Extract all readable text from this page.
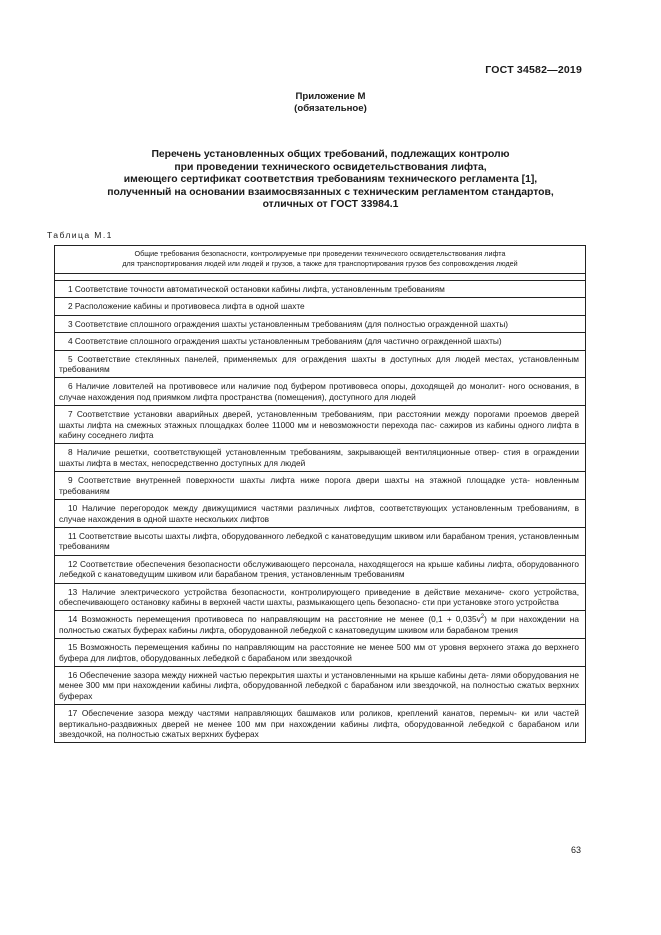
ГОСТ 34582—2019
Приложение М
(обязательное)
Перечень установленных общих требований, подлежащих контролю
при проведении технического освидетельствования лифта,
имеющего сертификат соответствия требованиям технического регламента [1],
полученный на основании взаимосвязанных с техническим регламентом стандартов,
отличных от ГОСТ 33984.1
Таблица М.1
Общие требования безопасности, контролируемые при проведении технического освидетельствования лифта
для транспортирования людей или людей и грузов, а также для транспортирования грузов без сопровождения людей

1 Соответствие точности автоматической остановки кабины лифта, установленным требованиям
2 Расположение кабины и противовеса лифта в одной шахте
3 Соответствие сплошного ограждения шахты установленным требованиям (для полностью огражденной шахты)
4 Соответствие сплошного ограждения шахты установленным требованиям (для частично огражденной шахты)
5 Соответствие стеклянных панелей, применяемых для ограждения шахты в доступных для людей местах, установленным требованиям
6 Наличие ловителей на противовесе или наличие под буфером противовеса опоры, доходящей до монолит- ного основания, в случае нахождения под приямком лифта пространства (помещения), доступного для людей
7 Соответствие установки аварийных дверей, установленным требованиям, при расстоянии между порогами проемов дверей шахты лифта на смежных этажных площадках более 11000 мм и невозможности перехода пас- сажиров из кабины одного лифта в кабину соседнего лифта
8 Наличие решетки, соответствующей установленным требованиям, закрывающей вентиляционные отвер- стия в ограждении шахты лифта в местах, непосредственно доступных для людей
9 Соответствие внутренней поверхности шахты лифта ниже порога двери шахты на этажной площадке уста- новленным требованиям
10 Наличие перегородок между движущимися частями различных лифтов, соответствующих установленным требованиям, в случае нахождения в одной шахте нескольких лифтов
11 Соответствие высоты шахты лифта, оборудованного лебедкой с канатоведущим шкивом или барабаном трения, установленным требованиям
12 Соответствие обеспечения безопасности обслуживающего персонала, находящегося на крыше кабины лифта, оборудованного лебедкой с канатоведущим шкивом или барабаном трения, установленным требованиям
13 Наличие электрического устройства безопасности, контролирующего приведение в действие механиче- ского устройства, обеспечивающего остановку кабины в верхней части шахты, размыкающего цепь безопасно- сти при установке этого устройства
14 Возможность перемещения противовеса по направляющим на расстояние не менее $(0,1 + 0,035v^2)$ м при нахождении на полностью сжатых буферах кабины лифта, оборудованной лебедкой с канатоведущим шкивом или барабаном трения
15 Возможность перемещения кабины по направляющим на расстояние не менее 500 мм от уровня верхнего этажа до верхнего буфера для лифтов, оборудованных лебедкой с барабаном или звездочкой
16 Обеспечение зазора между нижней частью перекрытия шахты и установленными на крыше кабины дета- лями оборудования не менее 300 мм при нахождении кабины лифта, оборудованной лебедкой с барабаном или звездочкой, на полностью сжатых верхних буферах
17 Обеспечение зазора между частями направляющих башмаков или роликов, креплений канатов, перемыч- ки или частей вертикально-раздвижных дверей не менее 100 мм при нахождении кабины лифта, оборудованной лебедкой с барабаном или звездочкой, на полностью сжатых верхних буферах
63
